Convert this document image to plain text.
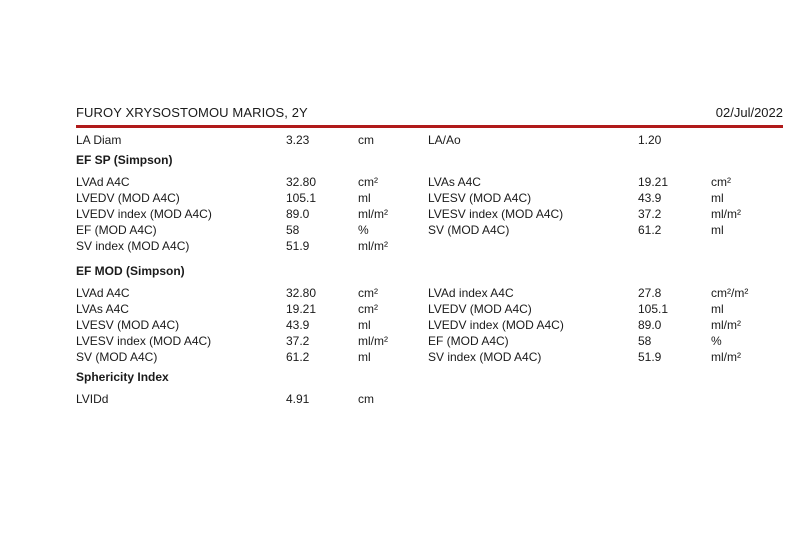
FUROY XRYSOSTOMOU MARIOS, 2Y	02/Jul/2022
LA Diam	3.23	cm	LA/Ao	1.20
EF SP (Simpson)
LVAd A4C	32.80	cm²	LVAs A4C	19.21	cm²
LVEDV (MOD A4C)	105.1	ml	LVESV (MOD A4C)	43.9	ml
LVEDV index (MOD A4C)	89.0	ml/m²	LVESV index (MOD A4C)	37.2	ml/m²
EF (MOD A4C)	58	%	SV (MOD A4C)	61.2	ml
SV index (MOD A4C)	51.9	ml/m²
EF MOD (Simpson)
LVAd A4C	32.80	cm²	LVAd index A4C	27.8	cm²/m²
LVAs A4C	19.21	cm²	LVEDV (MOD A4C)	105.1	ml
LVESV (MOD A4C)	43.9	ml	LVEDV index (MOD A4C)	89.0	ml/m²
LVESV index (MOD A4C)	37.2	ml/m²	EF (MOD A4C)	58	%
SV (MOD A4C)	61.2	ml	SV index (MOD A4C)	51.9	ml/m²
Sphericity Index
LVIDd	4.91	cm
